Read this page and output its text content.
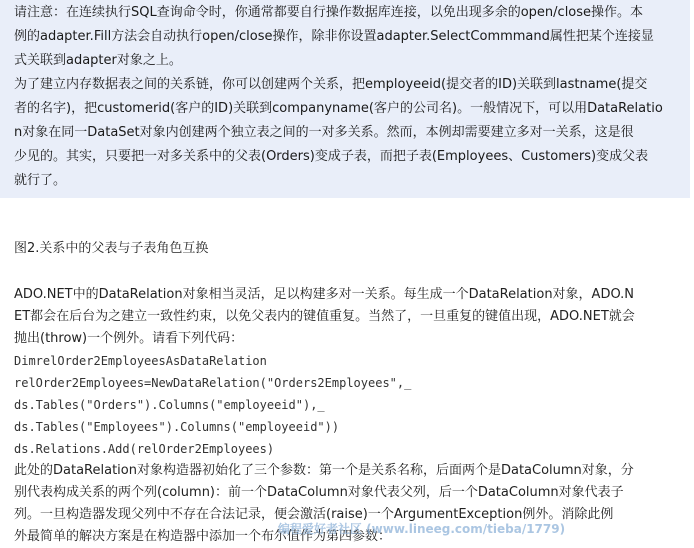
请注意：在连续执行SQL查询命令时，你通常都要自行操作数据库连接，以免出现多余的open/close操作。本
例的adapter.Fill方法会自动执行open/close操作，除非你设置adapter.SelectCommmand属性把某个连接显
式关联到adapter对象之上。
为了建立内存数据表之间的关系链，你可以创建两个关系，把employeeid(提交者的ID)关联到lastname(提交
者的名字)，把customerid(客户的ID)关联到companyname(客户的公司名)。一般情况下，可以用DataRelatio
n对象在同一DataSet对象内创建两个独立表之间的一对多关系。然而，本例却需要建立多对一关系，这是很
少见的。其实，只要把一对多关系中的父表(Orders)变成子表，而把子表(Employees、Customers)变成父表
就行了。
图2.关系中的父表与子表角色互换
ADO.NET中的DataRelation对象相当灵活，足以构建多对一关系。每生成一个DataRelation对象，ADO.N
ET都会在后台为之建立一致性约束，以免父表内的键值重复。当然了，一旦重复的键值出现，ADO.NET就会
抛出(throw)一个例外。请看下列代码：
DimrelOrder2EmployeesAsDataRelation
relOrder2Employees=NewDataRelation("Orders2Employees",_
ds.Tables("Orders").Columns("employeeid"),_
ds.Tables("Employees").Columns("employeeid"))
ds.Relations.Add(relOrder2Employees)
此处的DataRelation对象构造器初始化了三个参数：第一个是关系名称，后面两个是DataColumn对象，分
别代表构成关系的两个列(column)：前一个DataColumn对象代表父列，后一个DataColumn对象代表子
列。一旦构造器发现父列中不存在合法记录，便会激活(raise)一个ArgumentException例外。消除此例
外最简单的解决方案是在构造器中添加一个布尔值作为第四参数：
编程爱好者社区 (www.lineeg.com/tieba/1779)
